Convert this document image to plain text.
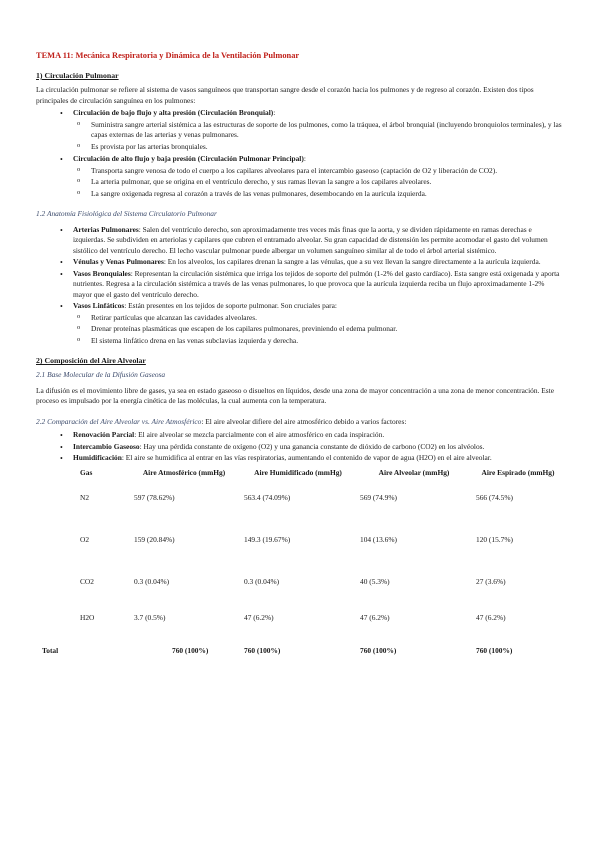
TEMA 11: Mecánica Respiratoria y Dinámica de la Ventilación Pulmonar
1) Circulación Pulmonar

La circulación pulmonar se refiere al sistema de vasos sanguíneos que transportan sangre desde el corazón hacia los pulmones y de regreso al corazón. Existen dos tipos principales de circulación sanguínea en los pulmones:

• Circulación de bajo flujo y alta presión (Circulación Bronquial):
o Suministra sangre arterial sistémica a las estructuras de soporte de los pulmones, como la tráquea, el árbol bronquial (incluyendo bronquiolos terminales), y las capas externas de las arterias y venas pulmonares.
o Es provista por las arterias bronquiales.
• Circulación de alto flujo y baja presión (Circulación Pulmonar Principal):
o Transporta sangre venosa de todo el cuerpo a los capilares alveolares para el intercambio gaseoso (captación de O2 y liberación de CO2).
o La arteria pulmonar, que se origina en el ventrículo derecho, y sus ramas llevan la sangre a los capilares alveolares.
o La sangre oxigenada regresa al corazón a través de las venas pulmonares, desembocando en la aurícula izquierda.
1.2 Anatomía Fisiológica del Sistema Circulatorio Pulmonar
• Arterias Pulmonares: Salen del ventrículo derecho, son aproximadamente tres veces más finas que la aorta, y se dividen rápidamente en ramas derechas e izquierdas. Se subdividen en arteriolas y capilares que cubren el entramado alveolar. Su gran capacidad de distensión les permite acomodar el gasto del volumen sistólico del ventrículo derecho. El lecho vascular pulmonar puede albergar un volumen sanguíneo similar al de todo el árbol arterial sistémico.
• Vénulas y Venas Pulmonares: En los alveolos, los capilares drenan la sangre a las vénulas, que a su vez llevan la sangre directamente a la aurícula izquierda.
• Vasos Bronquiales: Representan la circulación sistémica que irriga los tejidos de soporte del pulmón (1-2% del gasto cardíaco). Esta sangre está oxigenada y aporta nutrientes. Regresa a la circulación sistémica a través de las venas pulmonares, lo que provoca que la aurícula izquierda reciba un flujo aproximadamente 1-2% mayor que el gasto del ventrículo derecho.
• Vasos Linfáticos: Están presentes en los tejidos de soporte pulmonar. Son cruciales para:
o Retirar partículas que alcanzan las cavidades alveolares.
o Drenar proteínas plasmáticas que escapen de los capilares pulmonares, previniendo el edema pulmonar.
o El sistema linfático drena en las venas subclavias izquierda y derecha.
2) Composición del Aire Alveolar
2.1 Base Molecular de la Difusión Gaseosa

La difusión es el movimiento libre de gases, ya sea en estado gaseoso o disueltos en líquidos, desde una zona de mayor concentración a una zona de menor concentración. Este proceso es impulsado por la energía cinética de las moléculas, la cual aumenta con la temperatura.

2.2 Comparación del Aire Alveolar vs. Aire Atmosférico: El aire alveolar difiere del aire atmosférico debido a varios factores:

• Renovación Parcial: El aire alveolar se mezcla parcialmente con el aire atmosférico en cada inspiración.
• Intercambio Gaseoso: Hay una pérdida constante de oxígeno (O2) y una ganancia constante de dióxido de carbono (CO2) en los alvéolos.
• Humidificación: El aire se humidifica al entrar en las vías respiratorias, aumentando el contenido de vapor de agua (H2O) en el aire alveolar.
Gas	Aire Atmosférico (mmHg)	Aire Humidificado (mmHg)	Aire Alveolar (mmHg)	Aire Espirado (mmHg)
N2	597 (78.62%)	563.4 (74.09%)	569 (74.9%)	566 (74.5%)
O2	159 (20.84%)	149.3 (19.67%)	104 (13.6%)	120 (15.7%)
CO2	0.3 (0.04%)	0.3 (0.04%)	40 (5.3%)	27 (3.6%)
H2O	3.7 (0.5%)	47 (6.2%)	47 (6.2%)	47 (6.2%)
Total	760 (100%)	760 (100%)	760 (100%)	760 (100%)
